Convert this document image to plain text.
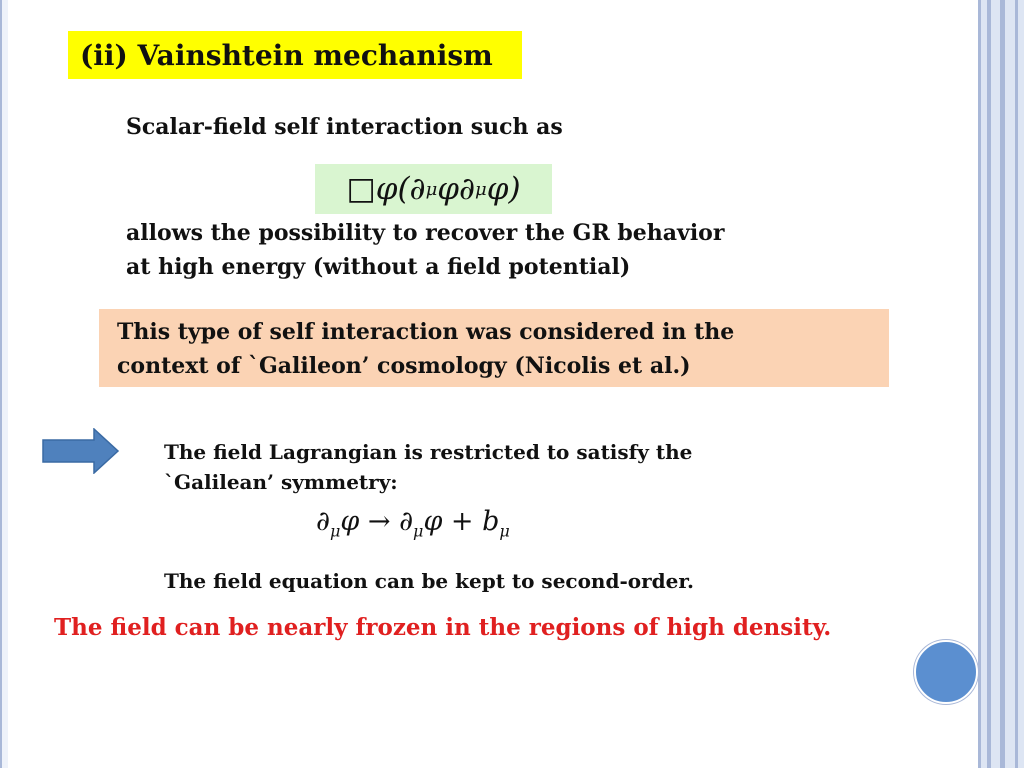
(ii) Vainshtein mechanism
Scalar-field self interaction such as
□ φ(∂ μ φ∂ μ φ)
allows the possibility to recover the GR behavior
at high energy (without a field potential)
This type of self interaction was considered in the
context of `Galileon’ cosmology (Nicolis et al.)
The field Lagrangian is restricted to satisfy the
`Galilean’ symmetry:
$\partial_\mu\varphi \to \partial_\mu\varphi + b_\mu$
The field equation can be kept to second-order.
The field can be nearly frozen in the regions of high density.
